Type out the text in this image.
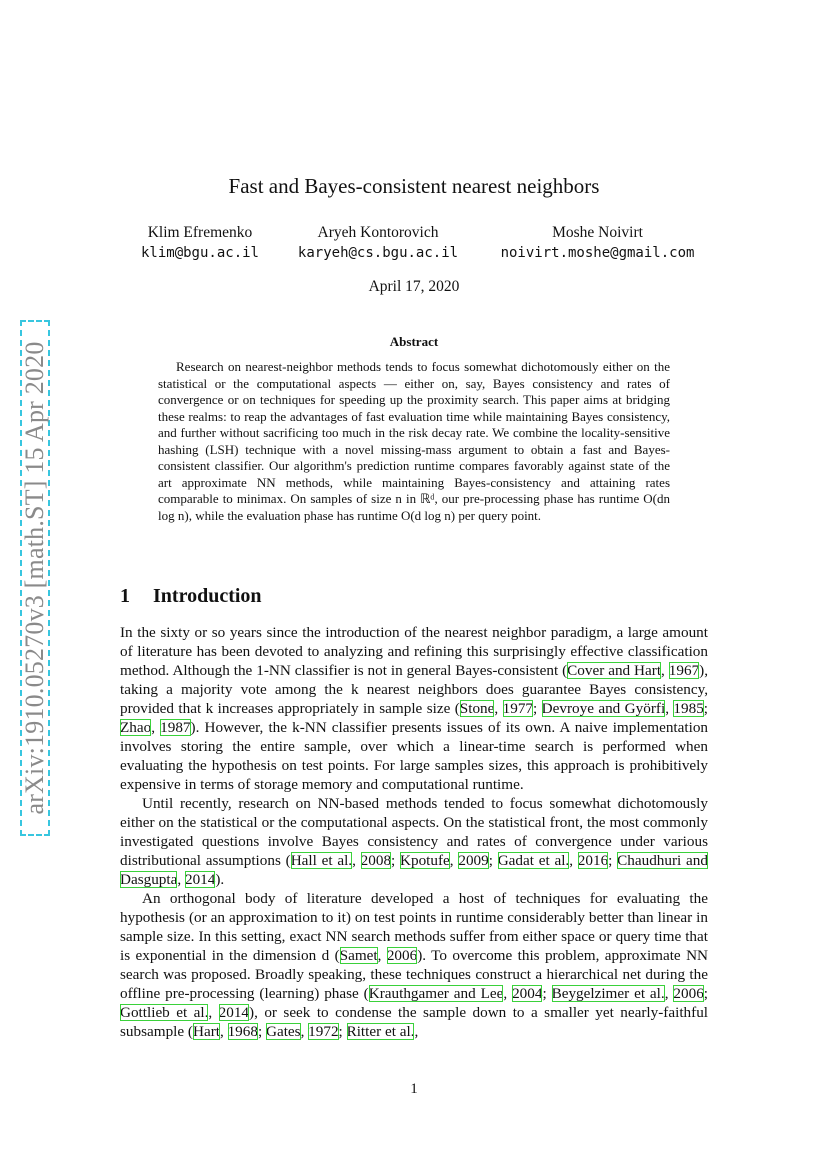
arXiv:1910.05270v3 [math.ST] 15 Apr 2020
Fast and Bayes-consistent nearest neighbors
Klim Efremenko
klim@bgu.ac.il
Aryeh Kontorovich
karyeh@cs.bgu.ac.il
Moshe Noivirt
noivirt.moshe@gmail.com
April 17, 2020
Abstract

Research on nearest-neighbor methods tends to focus somewhat dichotomously either on the statistical or the computational aspects — either on, say, Bayes consistency and rates of convergence or on techniques for speeding up the proximity search. This paper aims at bridging these realms: to reap the advantages of fast evaluation time while maintaining Bayes consistency, and further without sacrificing too much in the risk decay rate. We combine the locality-sensitive hashing (LSH) technique with a novel missing-mass argument to obtain a fast and Bayes-consistent classifier. Our algorithm's prediction runtime compares favorably against state of the art approximate NN methods, while maintaining Bayes-consistency and attaining rates comparable to minimax. On samples of size n in ℝᵈ, our pre-processing phase has runtime O(dn log n), while the evaluation phase has runtime O(d log n) per query point.

1 Introduction

In the sixty or so years since the introduction of the nearest neighbor paradigm, a large amount of literature has been devoted to analyzing and refining this surprisingly effective classification method. Although the 1-NN classifier is not in general Bayes-consistent (Cover and Hart, 1967), taking a majority vote among the k nearest neighbors does guarantee Bayes consistency, provided that k increases appropriately in sample size (Stone, 1977; Devroye and Györfi, 1985; Zhao, 1987). However, the k-NN classifier presents issues of its own. A naive implementation involves storing the entire sample, over which a linear-time search is performed when evaluating the hypothesis on test points. For large samples sizes, this approach is prohibitively expensive in terms of storage memory and computational runtime.

Until recently, research on NN-based methods tended to focus somewhat dichotomously either on the statistical or the computational aspects. On the statistical front, the most commonly investigated questions involve Bayes consistency and rates of convergence under various distributional assumptions (Hall et al., 2008; Kpotufe, 2009; Gadat et al., 2016; Chaudhuri and Dasgupta, 2014).

An orthogonal body of literature developed a host of techniques for evaluating the hypothesis (or an approximation to it) on test points in runtime considerably better than linear in sample size. In this setting, exact NN search methods suffer from either space or query time that is exponential in the dimension d (Samet, 2006). To overcome this problem, approximate NN search was proposed. Broadly speaking, these techniques construct a hierarchical net during the offline pre-processing (learning) phase (Krauthgamer and Lee, 2004; Beygelzimer et al., 2006; Gottlieb et al., 2014), or seek to condense the sample down to a smaller yet nearly-faithful subsample (Hart, 1968; Gates, 1972; Ritter et al.,

1
